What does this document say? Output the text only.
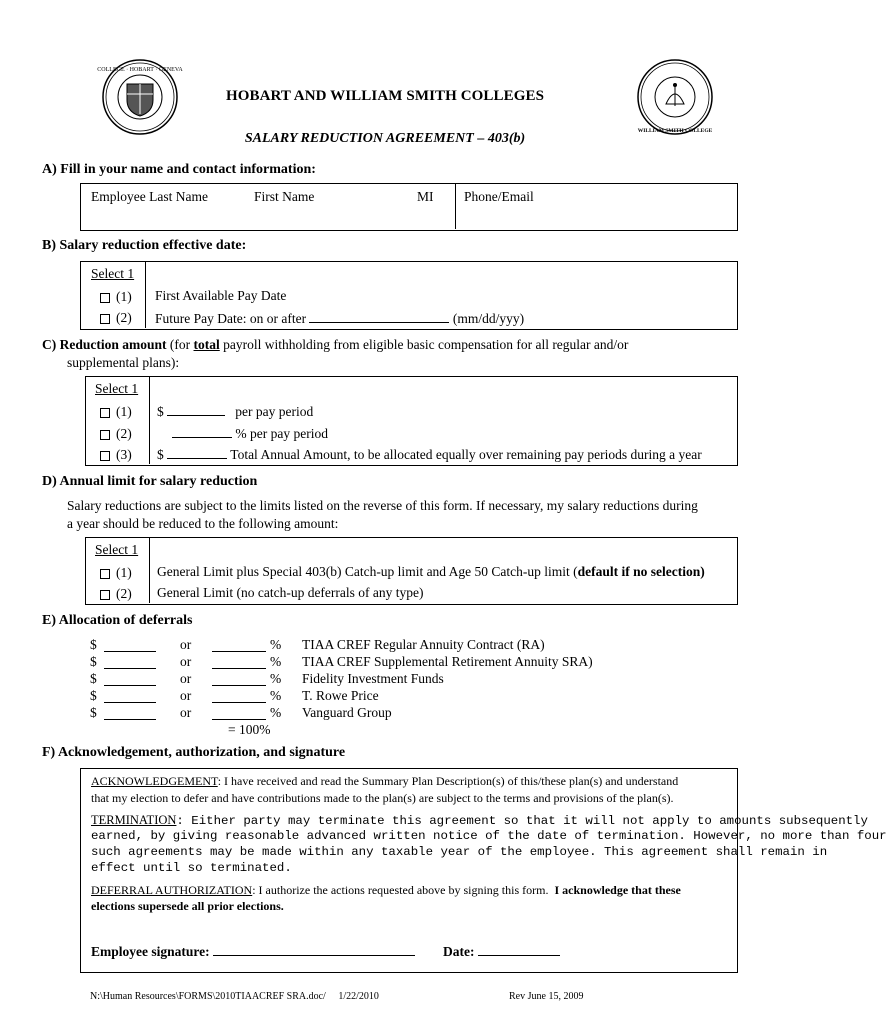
COLLEGE · HOBART · GENEVA
WILLIAM SMITH COLLEGE
HOBART AND WILLIAM SMITH COLLEGES
SALARY REDUCTION AGREEMENT – 403(b)
A) Fill in your name and contact information:
Employee Last Name	First Name	MI Phone/Email
B) Salary reduction effective date:
Select 1
(1) First Available Pay Date
(2) Future Pay Date: on or after	(mm/dd/yyy)
C) Reduction amount (for total payroll withholding from eligible basic compensation for all regular and/or
supplemental plans):
Select 1
(1) $	per pay period
(2)	% per pay period
(3) $	Total Annual Amount, to be allocated equally over remaining pay periods during a year
D) Annual limit for salary reduction
Salary reductions are subject to the limits listed on the reverse of this form. If necessary, my salary reductions during
a year should be reduced to the following amount:
Select 1
(1) General Limit plus Special 403(b) Catch-up limit and Age 50 Catch-up limit (default if no selection)
(2) General Limit (no catch-up deferrals of any type)
E) Allocation of deferrals
$	or	% TIAA CREF Regular Annuity Contract (RA)
$	or	% TIAA CREF Supplemental Retirement Annuity SRA)
$	or	% Fidelity Investment Funds
$	or	% T. Rowe Price
$	or	% Vanguard Group
= 100%
F) Acknowledgement, authorization, and signature
ACKNOWLEDGEMENT: I have received and read the Summary Plan Description(s) of this/these plan(s) and understand
that my election to defer and have contributions made to the plan(s) are subject to the terms and provisions of the plan(s).
TERMINATION: Either party may terminate this agreement so that it will not apply to amounts subsequently
earned, by giving reasonable advanced written notice of the date of termination. However, no more than four
such agreements may be made within any taxable year of the employee. This agreement shall remain in
effect until so terminated.
DEFERRAL AUTHORIZATION: I authorize the actions requested above by signing this form. I acknowledge that these
elections supersede all prior elections.
Employee signature:	Date:
N:\Human Resources\FORMS\2010TIAACREF SRA.doc/ 1/22/2010	Rev June 15, 2009
